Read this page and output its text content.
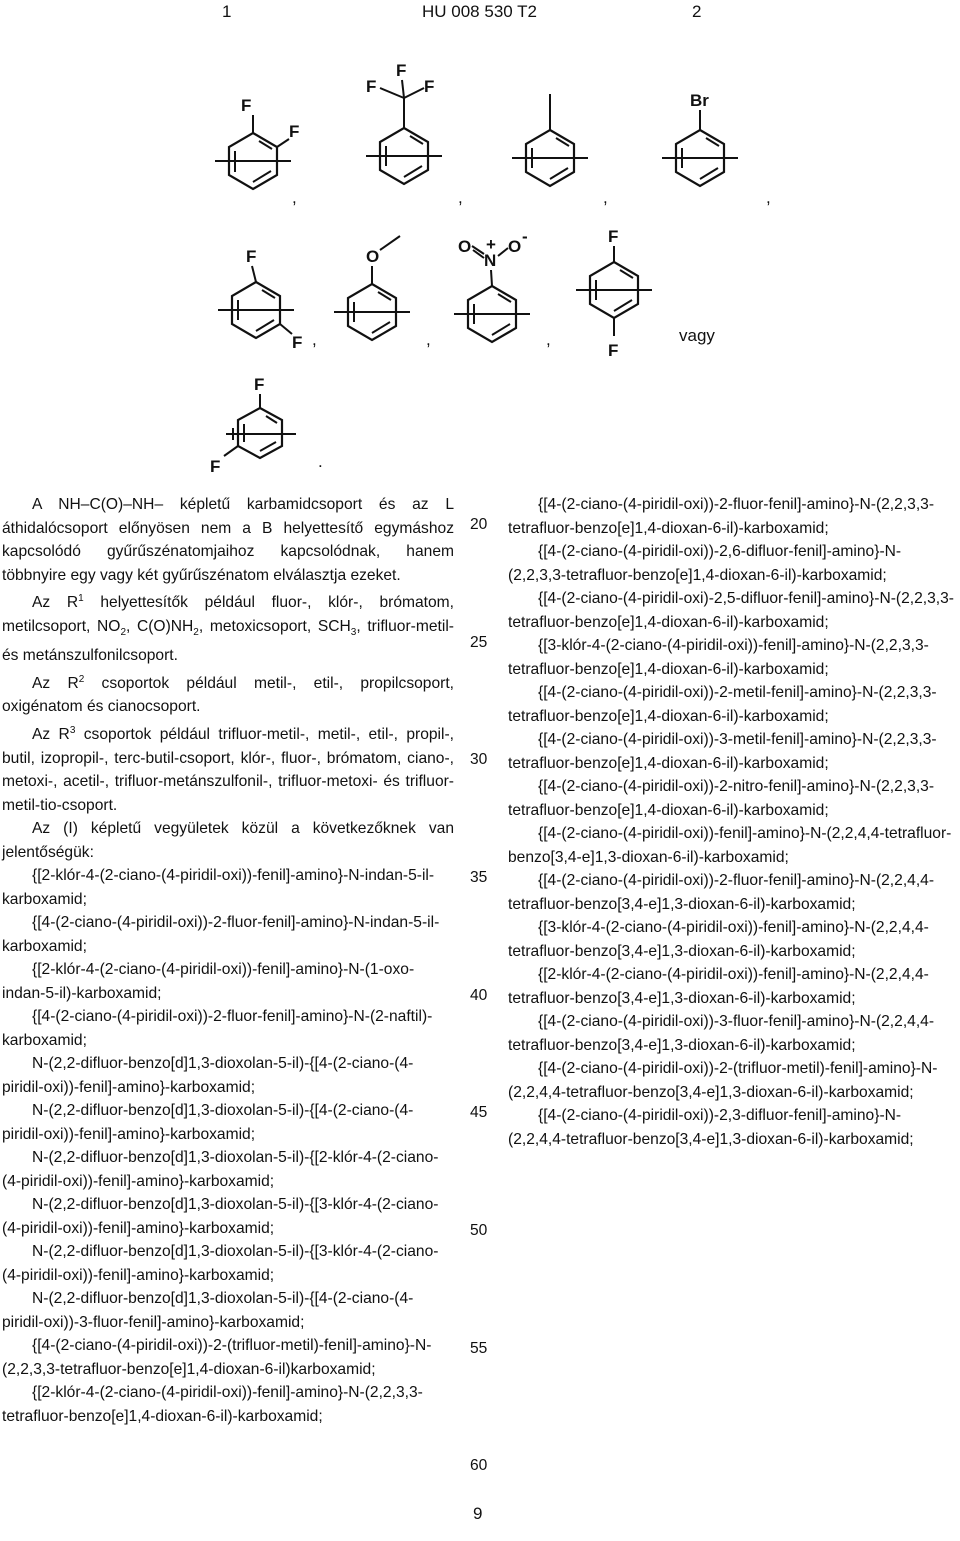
1	HU 008 530 T2	2
F
F
,
F
F	F
,	,
Br
,
F
F ,
O
,
O O
-
N
+
,
F
F
vagy
F
F	.

A NH–C(O)–NH– képletű karbamidcsoport és az L áthidalócsoport előnyösen nem a B helyettesítő egymáshoz kapcsolódó gyűrűszénatomjaihoz kapcsolódnak, hanem többnyire egy vagy két gyűrűszénatom elválasztja ezeket.

Az $R^1$ helyettesítők például fluor-, klór-, brómatom, metilcsoport, $NO_2$, $C(O)NH_2$, metoxicsoport, $SCH_3$, trifluor-metil- és metánszulfonilcsoport.

Az $R^2$ csoportok például metil-, etil-, propilcsoport, oxigénatom és cianocsoport.

Az $R^3$ csoportok például trifluor-metil-, metil-, etil-, propil-, butil, izopropil-, terc-butil-csoport, klór-, fluor-, brómatom, ciano-, metoxi-, acetil-, trifluor-metánszulfonil-, trifluor-metoxi- és trifluor-metil-tio-csoport.

Az (I) képletű vegyületek közül a következőknek van jelentőségük:

{[2-klór-4-(2-ciano-(4-piridil-oxi))-fenil]-amino}-N-indan-5-il-karboxamid;

{[4-(2-ciano-(4-piridil-oxi))-2-fluor-fenil]-amino}-N-indan-5-il-karboxamid;

{[2-klór-4-(2-ciano-(4-piridil-oxi))-fenil]-amino}-N-(1-oxo-indan-5-il)-karboxamid;

{[4-(2-ciano-(4-piridil-oxi))-2-fluor-fenil]-amino}-N-(2-naftil)-karboxamid;

N-(2,2-difluor-benzo[d]1,3-dioxolan-5-il)-{[4-(2-ciano-(4-piridil-oxi))-fenil]-amino}-karboxamid;

N-(2,2-difluor-benzo[d]1,3-dioxolan-5-il)-{[4-(2-ciano-(4-piridil-oxi))-fenil]-amino}-karboxamid;

N-(2,2-difluor-benzo[d]1,3-dioxolan-5-il)-{[2-klór-4-(2-ciano-(4-piridil-oxi))-fenil]-amino}-karboxamid;

N-(2,2-difluor-benzo[d]1,3-dioxolan-5-il)-{[3-klór-4-(2-ciano-(4-piridil-oxi))-fenil]-amino}-karboxamid;

N-(2,2-difluor-benzo[d]1,3-dioxolan-5-il)-{[3-klór-4-(2-ciano-(4-piridil-oxi))-fenil]-amino}-karboxamid;

N-(2,2-difluor-benzo[d]1,3-dioxolan-5-il)-{[4-(2-ciano-(4-piridil-oxi))-3-fluor-fenil]-amino}-karboxamid;

{[4-(2-ciano-(4-piridil-oxi))-2-(trifluor-metil)-fenil]-amino}-N-(2,2,3,3-tetrafluor-benzo[e]1,4-dioxan-6-il)karboxamid;

{[2-klór-4-(2-ciano-(4-piridil-oxi))-fenil]-amino}-N-(2,2,3,3-tetrafluor-benzo[e]1,4-dioxan-6-il)-karboxamid;

20
25
30
35
40
45
50
55
60

{[4-(2-ciano-(4-piridil-oxi))-2-fluor-fenil]-amino}-N-(2,2,3,3-tetrafluor-benzo[e]1,4-dioxan-6-il)-karboxamid;

{[4-(2-ciano-(4-piridil-oxi))-2,6-difluor-fenil]-amino}-N-(2,2,3,3-tetrafluor-benzo[e]1,4-dioxan-6-il)-karboxamid;

{[4-(2-ciano-(4-piridil-oxi)-2,5-difluor-fenil]-amino}-N-(2,2,3,3-tetrafluor-benzo[e]1,4-dioxan-6-il)-karboxamid;

{[3-klór-4-(2-ciano-(4-piridil-oxi))-fenil]-amino}-N-(2,2,3,3-tetrafluor-benzo[e]1,4-dioxan-6-il)-karboxamid;

{[4-(2-ciano-(4-piridil-oxi))-2-metil-fenil]-amino}-N-(2,2,3,3-tetrafluor-benzo[e]1,4-dioxan-6-il)-karboxamid;

{[4-(2-ciano-(4-piridil-oxi))-3-metil-fenil]-amino}-N-(2,2,3,3-tetrafluor-benzo[e]1,4-dioxan-6-il)-karboxamid;

{[4-(2-ciano-(4-piridil-oxi))-2-nitro-fenil]-amino}-N-(2,2,3,3-tetrafluor-benzo[e]1,4-dioxan-6-il)-karboxamid;

{[4-(2-ciano-(4-piridil-oxi))-fenil]-amino}-N-(2,2,4,4-tetrafluor-benzo[3,4-e]1,3-dioxan-6-il)-karboxamid;

{[4-(2-ciano-(4-piridil-oxi))-2-fluor-fenil]-amino}-N-(2,2,4,4-tetrafluor-benzo[3,4-e]1,3-dioxan-6-il)-karboxamid;

{[3-klór-4-(2-ciano-(4-piridil-oxi))-fenil]-amino}-N-(2,2,4,4-tetrafluor-benzo[3,4-e]1,3-dioxan-6-il)-karboxamid;

{[2-klór-4-(2-ciano-(4-piridil-oxi))-fenil]-amino}-N-(2,2,4,4-tetrafluor-benzo[3,4-e]1,3-dioxan-6-il)-karboxamid;

{[4-(2-ciano-(4-piridil-oxi))-3-fluor-fenil]-amino}-N-(2,2,4,4-tetrafluor-benzo[3,4-e]1,3-dioxan-6-il)-karboxamid;

{[4-(2-ciano-(4-piridil-oxi))-2-(trifluor-metil)-fenil]-amino}-N-(2,2,4,4-tetrafluor-benzo[3,4-e]1,3-dioxan-6-il)-karboxamid;

{[4-(2-ciano-(4-piridil-oxi))-2,3-difluor-fenil]-amino}-N-(2,2,4,4-tetrafluor-benzo[3,4-e]1,3-dioxan-6-il)-karboxamid;

9
